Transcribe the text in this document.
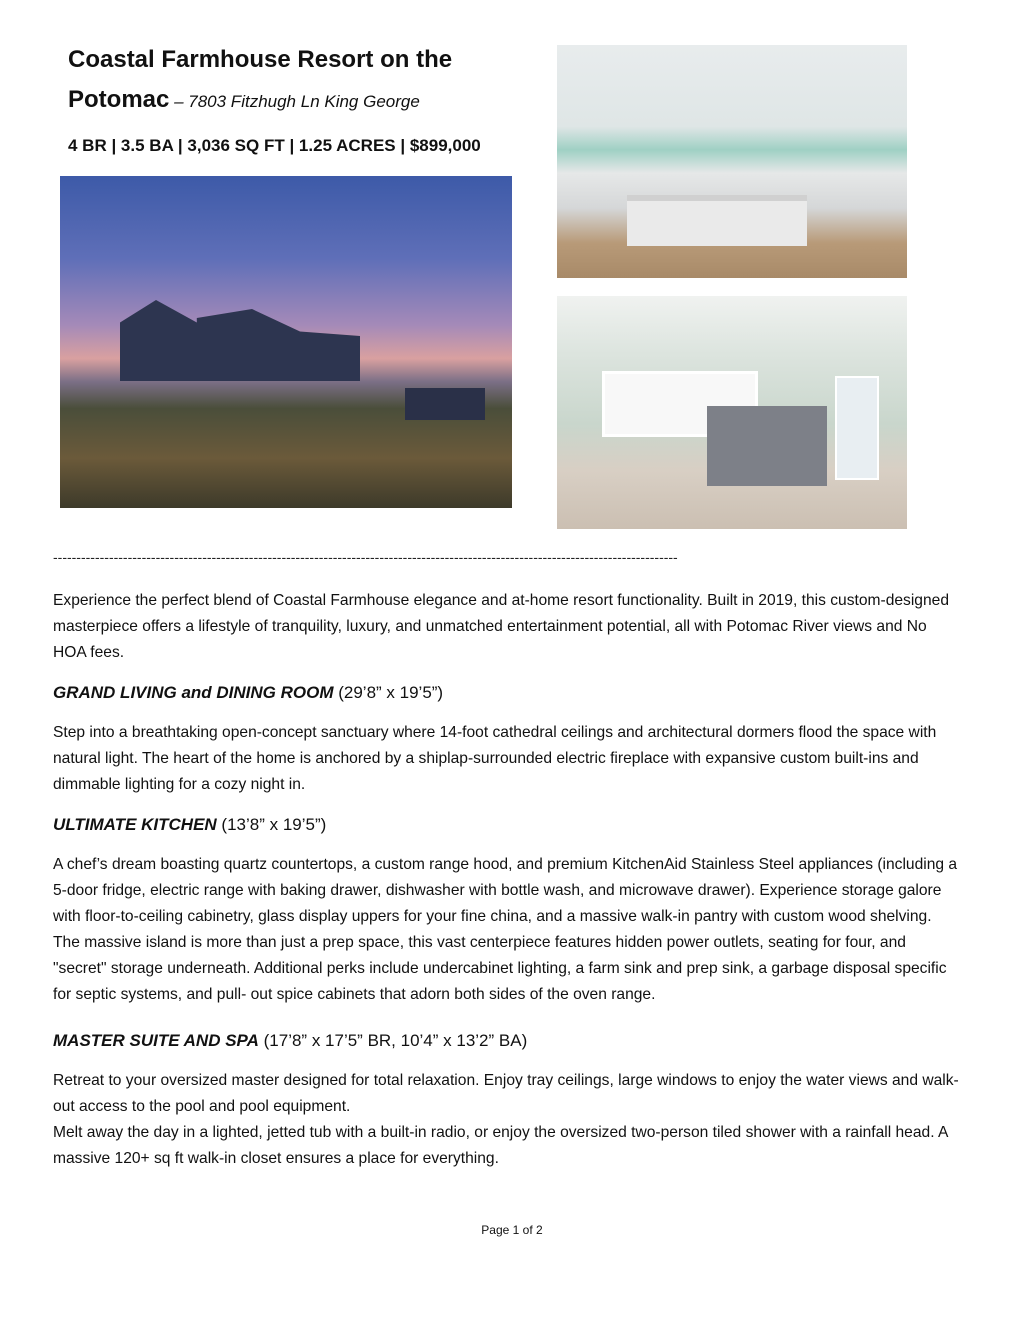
Coastal Farmhouse Resort on the
Potomac – 7803 Fitzhugh Ln King George
4 BR | 3.5 BA | 3,036 SQ FT | 1.25 ACRES | $899,000
--------------------------------------------------------------------------------------------------------------------------------------

Experience the perfect blend of Coastal Farmhouse elegance and at-home resort functionality. Built in 2019, this custom-designed masterpiece offers a lifestyle of tranquility, luxury, and unmatched entertainment potential, all with Potomac River views and No HOA fees.

GRAND LIVING and DINING ROOM (29’8” x 19’5”)

Step into a breathtaking open-concept sanctuary where 14-foot cathedral ceilings and architectural dormers flood the space with natural light. The heart of the home is anchored by a shiplap-surrounded electric fireplace with expansive custom built-ins and dimmable lighting for a cozy night in.

ULTIMATE KITCHEN (13’8” x 19’5”)

A chef’s dream boasting quartz countertops, a custom range hood, and premium KitchenAid Stainless Steel appliances (including a 5-door fridge, electric range with baking drawer, dishwasher with bottle wash, and microwave drawer). Experience storage galore with floor-to-ceiling cabinetry, glass display uppers for your fine china, and a massive walk-in pantry with custom wood shelving.

The massive island is more than just a prep space, this vast centerpiece features hidden power outlets, seating for four, and "secret" storage underneath. Additional perks include undercabinet lighting, a farm sink and prep sink, a garbage disposal specific for septic systems, and pull- out spice cabinets that adorn both sides of the oven range.

MASTER SUITE AND SPA (17’8” x 17’5” BR, 10’4” x 13’2” BA)

Retreat to your oversized master designed for total relaxation. Enjoy tray ceilings, large windows to enjoy the water views and walk-out access to the pool and pool equipment.

Melt away the day in a lighted, jetted tub with a built-in radio, or enjoy the oversized two-person tiled shower with a rainfall head. A massive 120+ sq ft walk-in closet ensures a place for everything.

Page 1 of 2
